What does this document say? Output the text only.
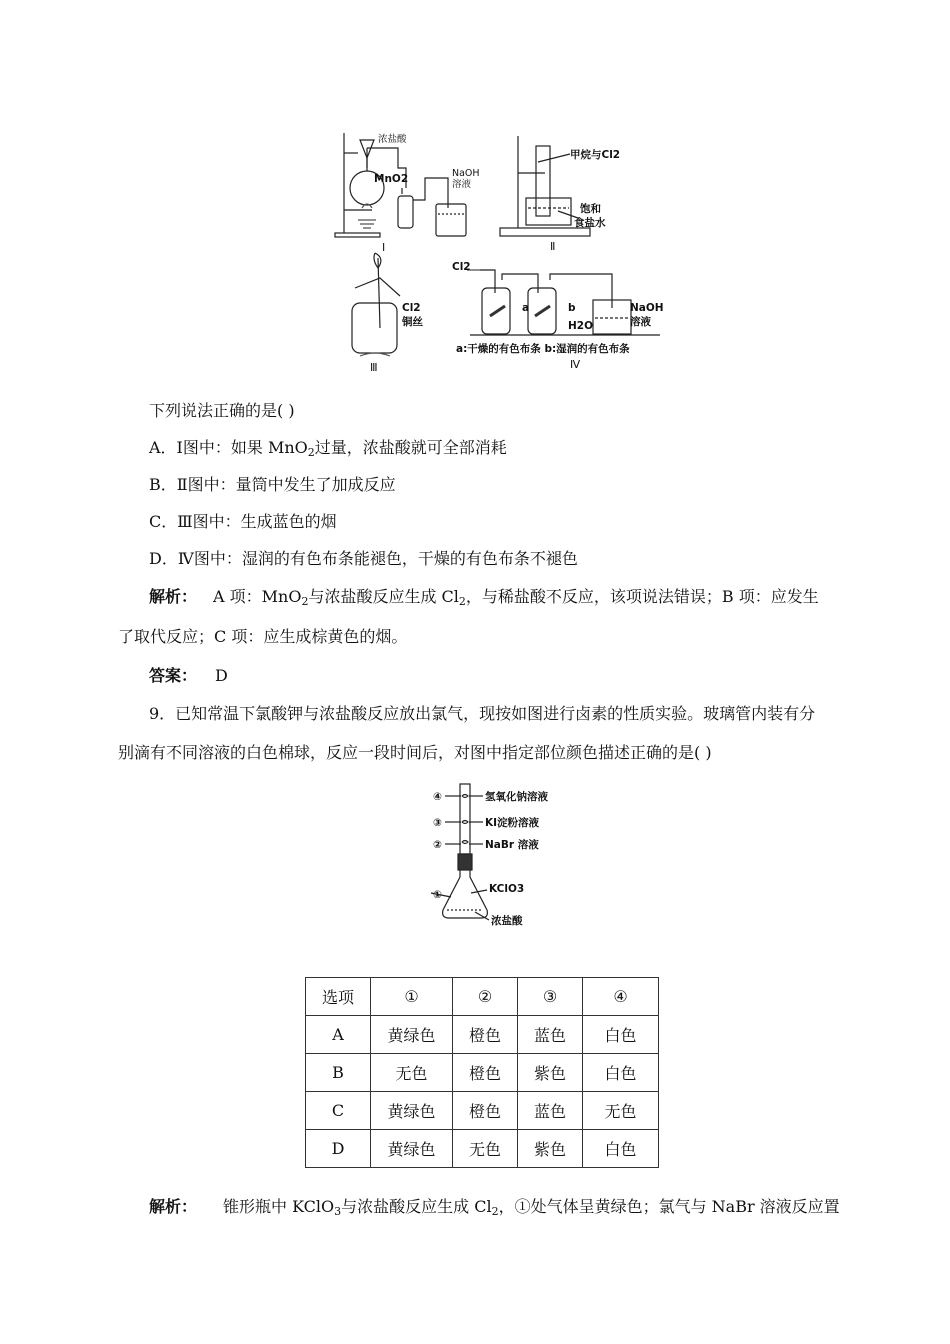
浓盐酸
MnO2	NaOH
溶液
Ⅰ
甲烷与Cl2
饱和
食盐水
Ⅱ
Cl2
铜丝
Ⅲ
Cl2
a	b
H2O
NaOH
溶液
a:干燥的有色布条 b:湿润的有色布条
Ⅳ
下列说法正确的是( )
A．Ⅰ图中：如果 MnO$_2$过量，浓盐酸就可全部消耗
B．Ⅱ图中：量筒中发生了加成反应
C．Ⅲ图中：生成蓝色的烟
D．Ⅳ图中：湿润的有色布条能褪色，干燥的有色布条不褪色
解析： A 项：MnO$_2$与浓盐酸反应生成 $Cl_2$，与稀盐酸不反应，该项说法错误；B 项：应发生
了取代反应；C 项：应生成棕黄色的烟。
答案： D
9．已知常温下氯酸钾与浓盐酸反应放出氯气，现按如图进行卤素的性质实验。玻璃管内装有分
别滴有不同溶液的白色棉球，反应一段时间后，对图中指定部位颜色描述正确的是( )
④	氢氧化钠溶液
③	KI淀粉溶液
②	NaBr 溶液
①	KClO3
浓盐酸
选项	①	②	③	④
A	黄绿色	橙色	蓝色	白色
B	无色	橙色	紫色	白色
C	黄绿色	橙色	蓝色	无色
D	黄绿色	无色	紫色	白色
解析： 锥形瓶中 KClO$_3$与浓盐酸反应生成 $Cl_2$，①处气体呈黄绿色；氯气与 NaBr 溶液反应置
